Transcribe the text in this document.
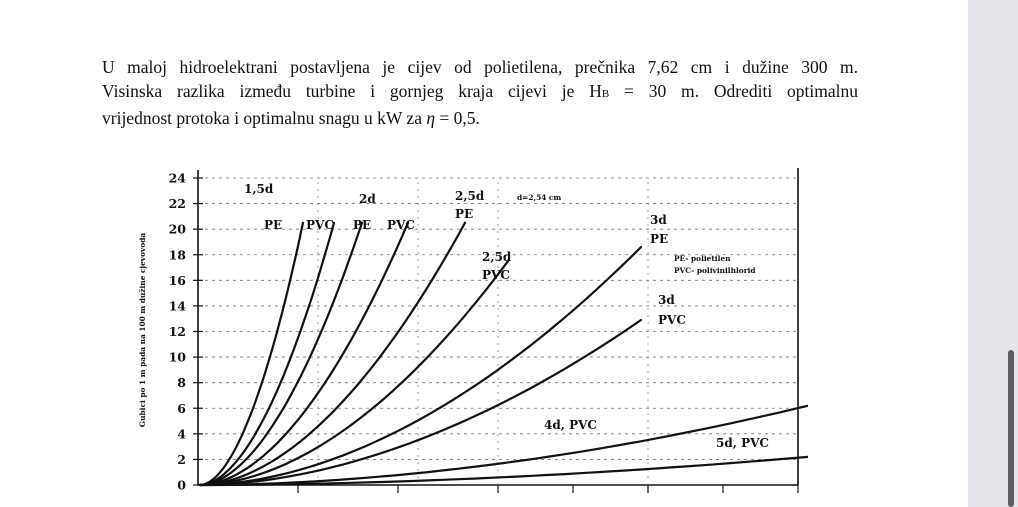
U maloj hidroelektrani postavljena je cijev od polietilena, prečnika 7,62 cm i dužine 300 m.
Visinska razlika između turbine i gornjeg kraja cijevi je HB = 30 m. Odrediti optimalnu
vrijednost protoka i optimalnu snagu u kW za η = 0,5.

0
2
4
6
8
10
12
14
16
18
20
22
24
Gubici po 1 m pada na 100 m dužine cjevovoda
1,5d
PE PVC
2d
PE PVC
2,5d
PE
d=2,54 cm
2,5d
PVC
3d
PE
PE- polietilen
PVC- polivinilhlorid
3d
PVC
4d, PVC
5d, PVC
